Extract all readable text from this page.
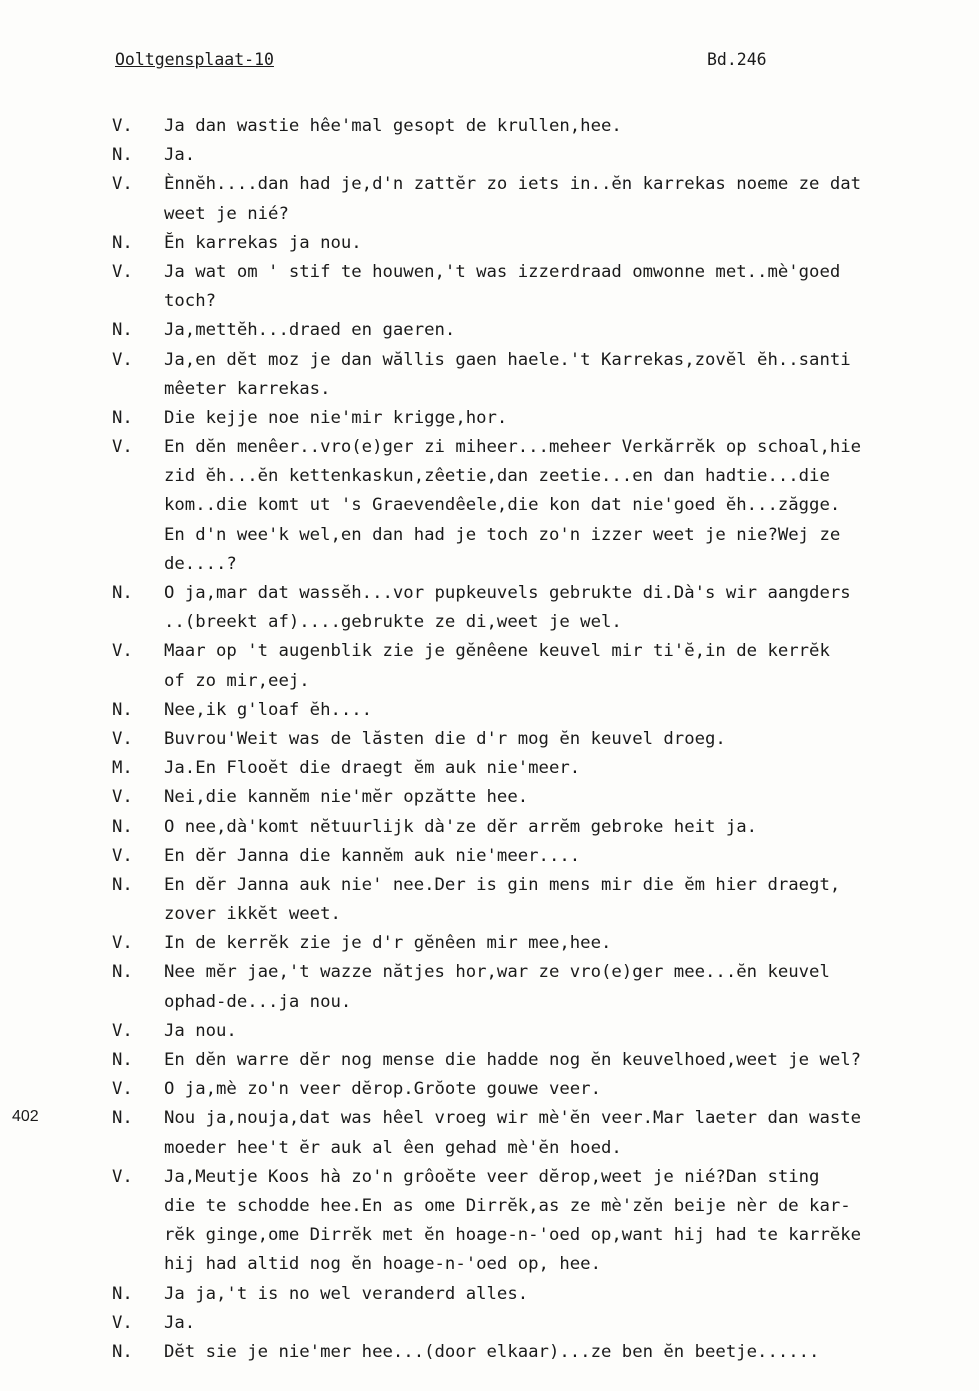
Ooltgensplaat-10	Bd.246
402
V.	Ja dan wastie hêe'mal gesopt de krullen,hee.
N.	Ja.
V.	Ènnĕh....dan had je,d'n zattĕr zo iets in..ĕn karrekas noeme ze dat
weet je nié?
N.	Ĕn karrekas ja nou.
V.	Ja wat om ' stif te houwen,'t was izzerdraad omwonne met..mè'goed
toch?
N.	Ja,mettĕh...draed en gaeren.
V.	Ja,en dĕt moz je dan wăllis gaen haele.'t Karrekas,zovĕl ĕh..santi
mêeter karrekas.
N.	Die kejje noe nie'mir krigge,hor.
V.	En dĕn menêer..vro(e)ger zi miheer...meheer Verkărrĕk op schoal,hie
zid ĕh...ĕn kettenkaskun,zêetie,dan zeetie...en dan hadtie...die
kom..die komt ut 's Graevendêele,die kon dat nie'goed ĕh...zăgge.
En d'n wee'k wel,en dan had je toch zo'n izzer weet je nie?Wej ze
de....?
N.	O ja,mar dat wassĕh...vor pupkeuvels gebrukte di.Dà's wir aangders
..(breekt af)....gebrukte ze di,weet je wel.
V.	Maar op 't augenblik zie je gĕnêene keuvel mir ti'ĕ,in de kerrĕk
of zo mir,eej.
N.	Nee,ik g'loaf ĕh....
V.	Buvrou'Weit was de lăsten die d'r mog ĕn keuvel droeg.
M.	Ja.En Flooĕt die draegt ĕm auk nie'meer.
V.	Nei,die kannĕm nie'mĕr opzătte hee.
N.	O nee,dà'komt nĕtuurlijk dà'ze dĕr arrĕm gebroke heit ja.
V.	En dĕr Janna die kannĕm auk nie'meer....
N.	En dĕr Janna auk nie' nee.Der is gin mens mir die ĕm hier draegt,
zover ikkĕt weet.
V.	In de kerrĕk zie je d'r gĕnêen mir mee,hee.
N.	Nee mĕr jae,'t wazze nătjes hor,war ze vro(e)ger mee...ĕn keuvel
ophad-de...ja nou.
V.	Ja nou.
N.	En dĕn warre dĕr nog mense die hadde nog ĕn keuvelhoed,weet je wel?
V.	O ja,mè zo'n veer dĕrop.Grŏote gouwe veer.
N.	Nou ja,nouja,dat was hêel vroeg wir mè'ĕn veer.Mar laeter dan waste
moeder hee't ĕr auk al êen gehad mè'ĕn hoed.
V.	Ja,Meutje Koos hà zo'n grôoĕte veer dĕrop,weet je nié?Dan sting
die te schodde hee.En as ome Dirrĕk,as ze mè'zĕn beije nèr de kar-
rĕk ginge,ome Dirrĕk met ĕn hoage-n-'oed op,want hij had te karrĕke
hij had altid nog ĕn hoage-n-'oed op, hee.
N.	Ja ja,'t is no wel veranderd alles.
V.	Ja.
N.	Dĕt sie je nie'mer hee...(door elkaar)...ze ben ĕn beetje......
